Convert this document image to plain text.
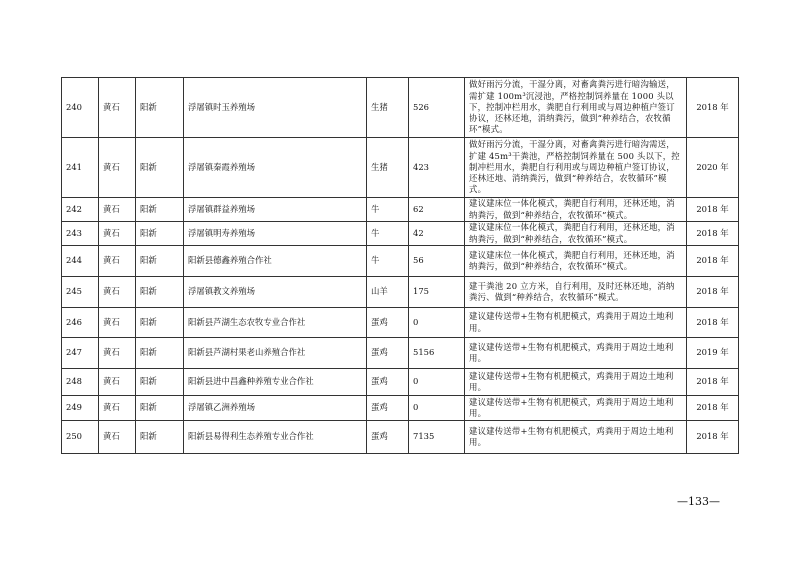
240	黄石	阳新	浮屠镇时玉养殖场	生猪	526	做好雨污分流，干湿分离，对畜禽粪污进行暗沟输送，需扩建 100m³沉浸池，严格控制饲养量在 1000 头以下，控制冲栏用水，粪肥自行利用或与周边种植户签订协议，还林还地，消纳粪污，做到“种养结合，农牧循环”模式。	2018 年
241	黄石	阳新	浮屠镇秦霞养殖场	生猪	423	做好雨污分流，干湿分离，对畜禽粪污进行暗沟需送，扩建 45m³干粪池，严格控制饲养量在 500 头以下，控制冲栏用水，粪肥自行利用或与周边种植户签订协议，还林还地、消纳粪污，做到“种养结合，农牧循环”模式。	2020 年
242	黄石	阳新	浮屠镇群益养殖场	牛	62	建议建床位一体化模式，粪肥自行利用，还林还地，消纳粪污，做到“种养结合，农牧循环”模式。	2018 年
243	黄石	阳新	浮屠镇明寿养殖场	牛	42	建议建床位一体化模式，粪肥自行利用，还林还地，消纳粪污，做到“种养结合，农牧循环”模式。	2018 年
244	黄石	阳新	阳新县德鑫养殖合作社	牛	56	建议建床位一体化模式，粪肥自行利用，还林还地，消纳粪污，做到“种养结合，农牧循环”模式。	2018 年
245	黄石	阳新	浮屠镇教文养殖场	山羊	175	建干粪池 20 立方米，自行利用，及时还林还地，消纳粪污、做到“种养结合，农牧循环”模式。	2018 年
246	黄石	阳新	阳新县芦湖生态农牧专业合作社	蛋鸡	0	建议建传送带+生物有机肥模式，鸡粪用于周边土地利用。	2018 年
247	黄石	阳新	阳新县芦湖村果老山养殖合作社	蛋鸡	5156	建议建传送带+生物有机肥模式，鸡粪用于周边土地利用。	2019 年
248	黄石	阳新	阳新县进中昌鑫种养殖专业合作社	蛋鸡	0	建议建传送带+生物有机肥模式，鸡粪用于周边土地利用。	2018 年
249	黄石	阳新	浮屠镇乙洲养殖场	蛋鸡	0	建议建传送带+生物有机肥模式，鸡粪用于周边土地利用。	2018 年
250	黄石	阳新	阳新县易得利生态养殖专业合作社	蛋鸡	7135	建议建传送带+生物有机肥模式，鸡粪用于周边土地利用。	2018 年
—133—
